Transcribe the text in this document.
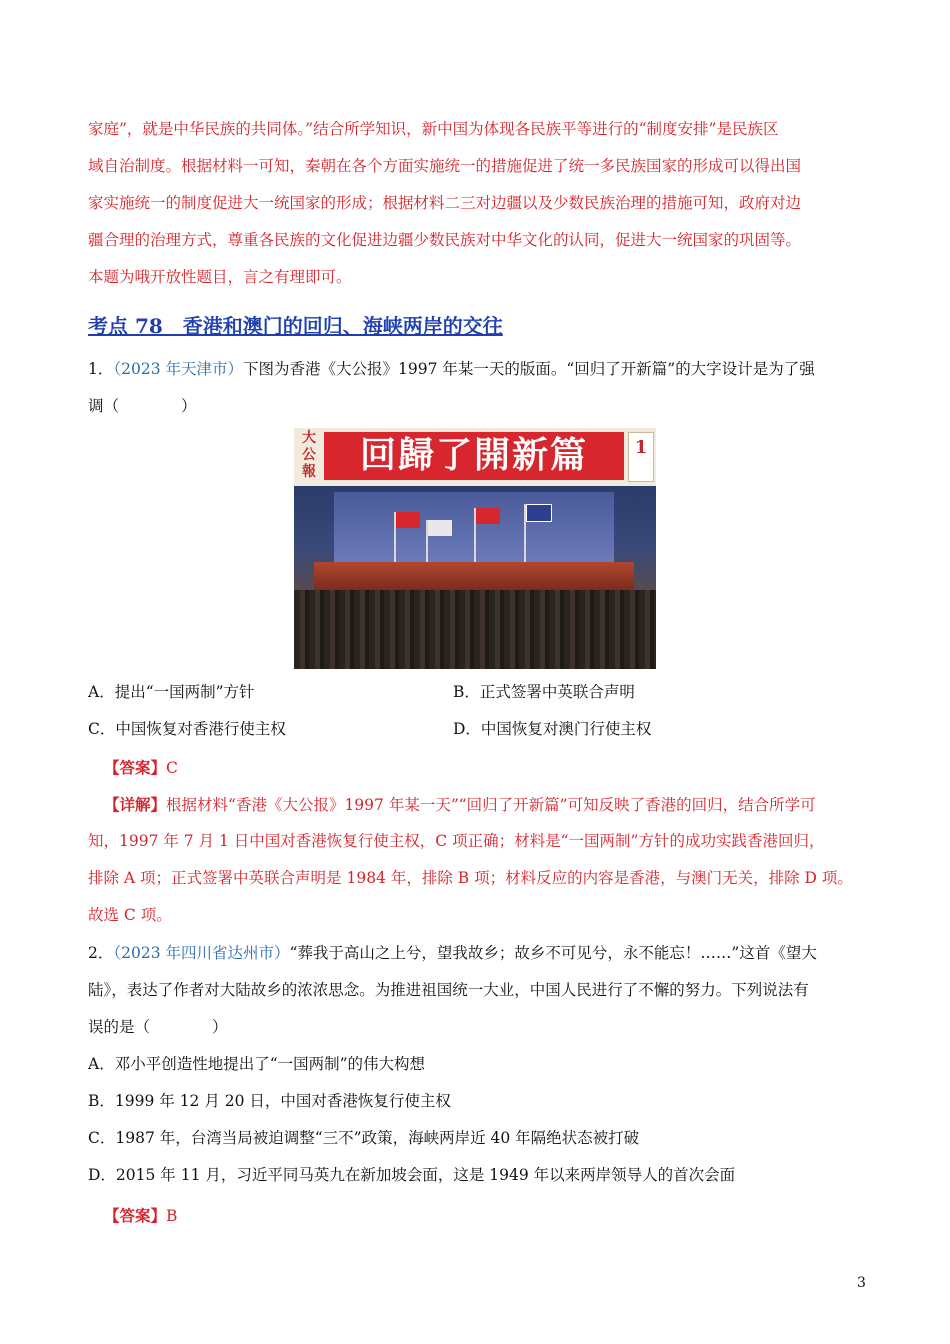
家庭”，就是中华民族的共同体。”结合所学知识，新中国为体现各民族平等进行的“制度安排”是民族区
域自治制度。根据材料一可知，秦朝在各个方面实施统一的措施促进了统一多民族国家的形成可以得出国
家实施统一的制度促进大一统国家的形成；根据材料二三对边疆以及少数民族治理的措施可知，政府对边
疆合理的治理方式，尊重各民族的文化促进边疆少数民族对中华文化的认同，促进大一统国家的巩固等。
本题为哦开放性题目，言之有理即可。
考点 78　香港和澳门的回归、海峡两岸的交往
1．（2023 年天津市）下图为香港《大公报》1997 年某一天的版面。“回归了开新篇”的大字设计是为了强
调（　　　　）
大公報	回歸了開新篇	1
A．提出“一国两制”方针	B．正式签署中英联合声明
C．中国恢复对香港行使主权	D．中国恢复对澳门行使主权
【答案】C
【详解】根据材料“香港《大公报》1997 年某一天”“回归了开新篇”可知反映了香港的回归，结合所学可
知，1997 年 7 月 1 日中国对香港恢复行使主权，C 项正确；材料是“一国两制”方针的成功实践香港回归，
排除 A 项；正式签署中英联合声明是 1984 年，排除 B 项；材料反应的内容是香港，与澳门无关，排除 D 项。
故选 C 项。
2．（2023 年四川省达州市）“葬我于高山之上兮，望我故乡；故乡不可见兮，永不能忘！……”这首《望大
陆》，表达了作者对大陆故乡的浓浓思念。为推进祖国统一大业，中国人民进行了不懈的努力。下列说法有
误的是（　　　　）
A．邓小平创造性地提出了“一国两制”的伟大构想
B．1999 年 12 月 20 日，中国对香港恢复行使主权
C．1987 年，台湾当局被迫调整“三不”政策，海峡两岸近 40 年隔绝状态被打破
D．2015 年 11 月，习近平同马英九在新加坡会面，这是 1949 年以来两岸领导人的首次会面
【答案】B
3
